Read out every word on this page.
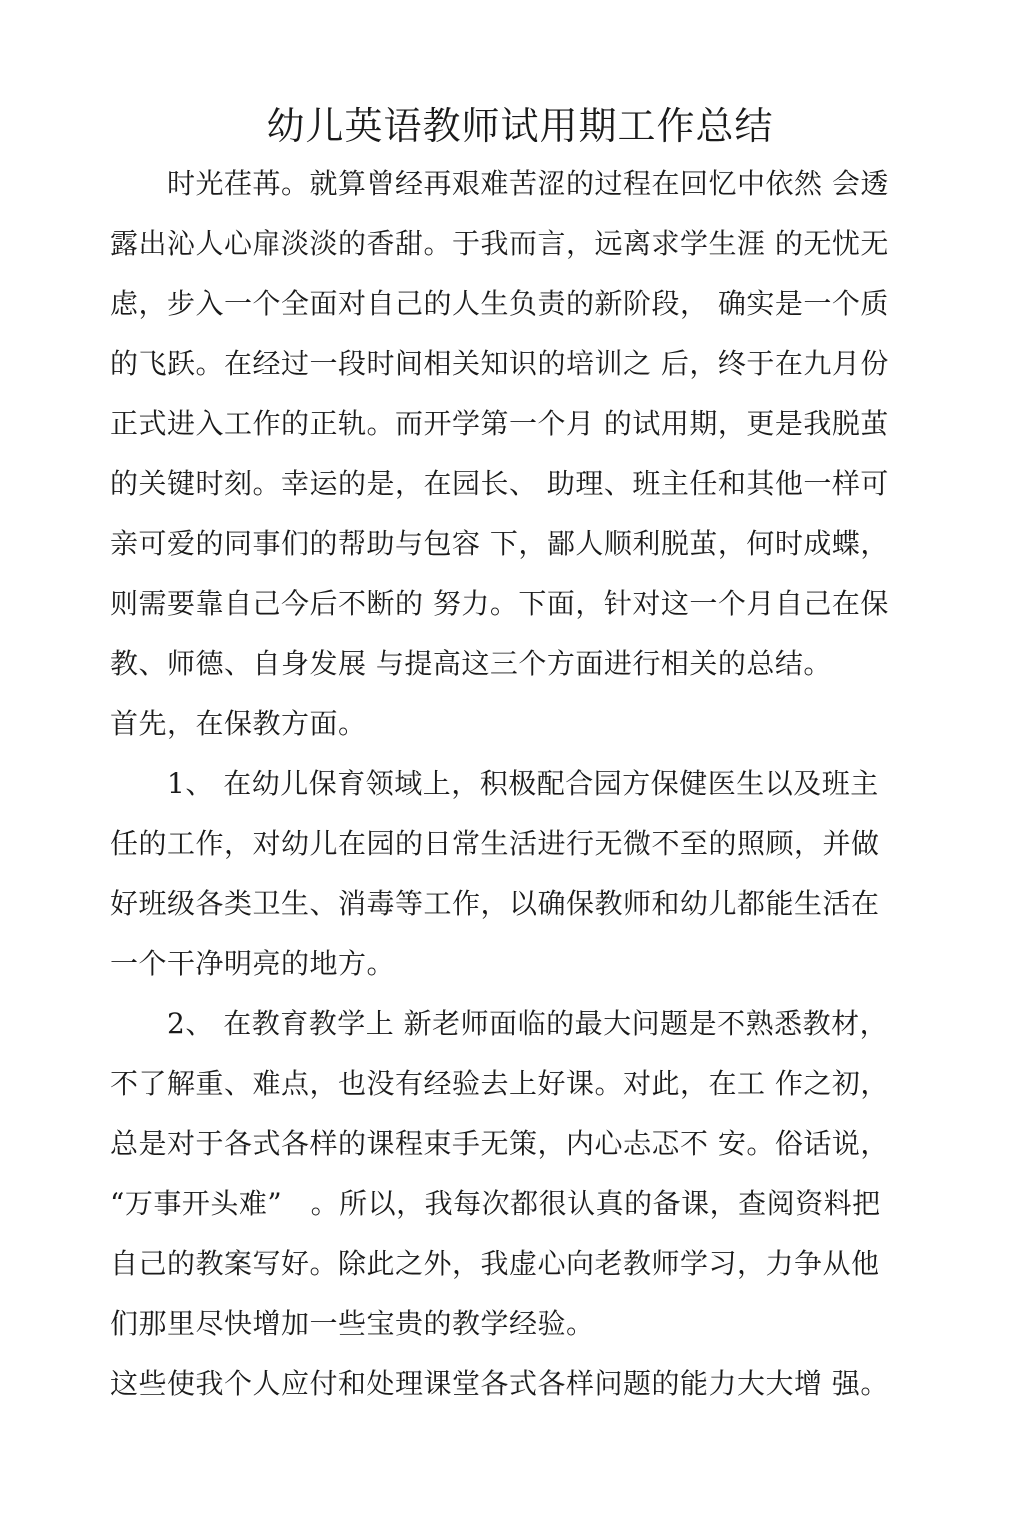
幼儿英语教师试用期工作总结

　　时光荏苒。就算曾经再艰难苦涩的过程在回忆中依然 会透

露出沁人心扉淡淡的香甜。于我而言，远离求学生涯 的无忧无

虑，步入一个全面对自己的人生负责的新阶段， 确实是一个质

的飞跃。在经过一段时间相关知识的培训之 后，终于在九月份

正式进入工作的正轨。而开学第一个月 的试用期，更是我脱茧

的关键时刻。幸运的是，在园长、 助理、班主任和其他一样可

亲可爱的同事们的帮助与包容 下，鄙人顺利脱茧，何时成蝶，

则需要靠自己今后不断的 努力。下面，针对这一个月自己在保

教、师德、自身发展 与提高这三个方面进行相关的总结。

首先，在保教方面。

　　1、 在幼儿保育领域上，积极配合园方保健医生以及班主

任的工作，对幼儿在园的日常生活进行无微不至的照顾，并做

好班级各类卫生、消毒等工作，以确保教师和幼儿都能生活在

一个干净明亮的地方。

　　2、 在教育教学上 新老师面临的最大问题是不熟悉教材，

不了解重、难点，也没有经验去上好课。对此，在工 作之初，

总是对于各式各样的课程束手无策，内心忐忑不 安。俗话说，

“万事开头难”　。所以，我每次都很认真的备课，查阅资料把

自己的教案写好。除此之外，我虚心向老教师学习，力争从他

们那里尽快增加一些宝贵的教学经验。

这些使我个人应付和处理课堂各式各样问题的能力大大增 强。
